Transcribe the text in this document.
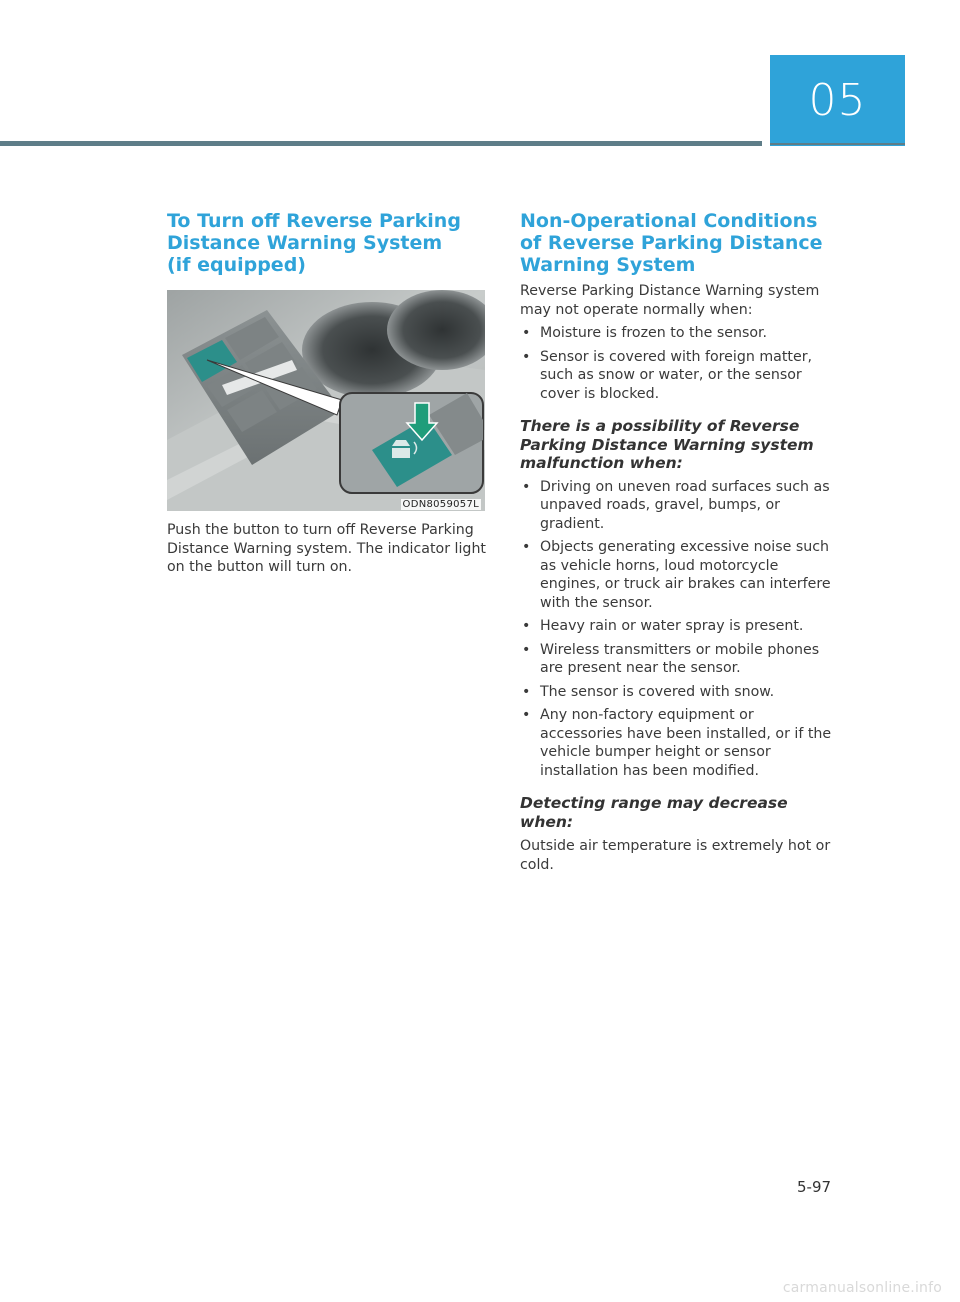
05
To Turn off Reverse Parking
Distance Warning System
(if equipped)
ODN8059057L

Push the button to turn off Reverse Parking Distance Warning system. The indicator light on the button will turn on.

Non-Operational Conditions
of Reverse Parking Distance
Warning System

Reverse Parking Distance Warning system may not operate normally when:

• Moisture is frozen to the sensor.
• Sensor is covered with foreign matter, such as snow or water, or the sensor cover is blocked.
There is a possibility of Reverse
Parking Distance Warning system
malfunction when:
• Driving on uneven road surfaces such as unpaved roads, gravel, bumps, or gradient.
• Objects generating excessive noise such as vehicle horns, loud motorcycle engines, or truck air brakes can interfere with the sensor.
• Heavy rain or water spray is present.
• Wireless transmitters or mobile phones are present near the sensor.
• The sensor is covered with snow.
• Any non-factory equipment or accessories have been installed, or if the vehicle bumper height or sensor installation has been modified.
Detecting range may decrease
when:

Outside air temperature is extremely hot or cold.

5-97
carmanualsonline.info
